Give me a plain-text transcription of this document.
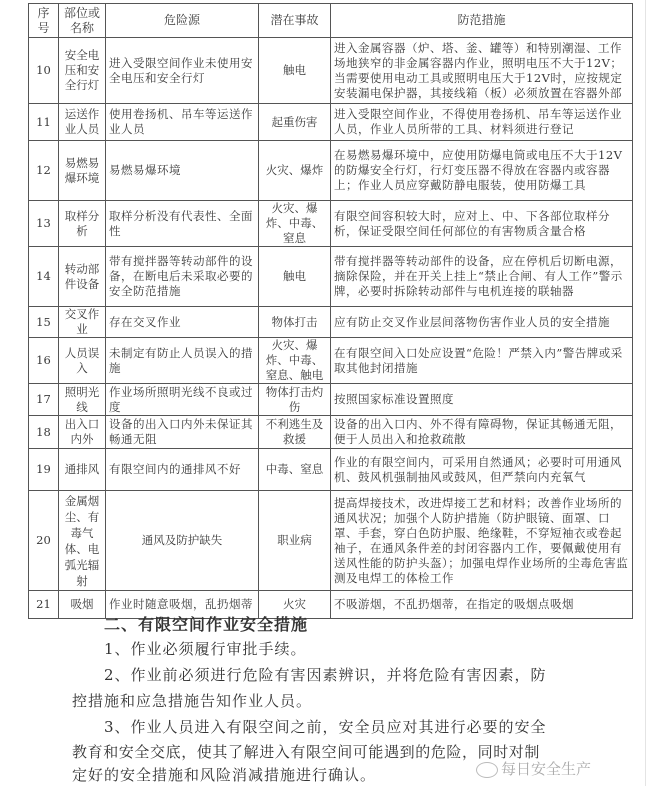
序号	部位或名称	危险源	潜在事故	防范措施
10	安全电压和安全行灯	进入受限空间作业未使用安全电压和安全行灯	触电	进入金属容器（炉、塔、釜、罐等）和特别潮湿、工作场地狭窄的非金属容器内作业，照明电压不大于12V；当需要使用电动工具或照明电压大于12V时，应按规定安装漏电保护器，其接线箱（板）必须放置在容器外部
11	运送作业人员	使用卷扬机、吊车等运送作业人员	起重伤害	进入受限空间作业，不得使用卷扬机、吊车等运送作业人员，作业人员所带的工具、材料须进行登记
12	易燃易爆环境	易燃易爆环境	火灾、爆炸	在易燃易爆环境中，应使用防爆电筒或电压不大于12V的防爆安全行灯，行灯变压器不得放在容器内或容器上；作业人员应穿戴防静电服装，使用防爆工具
13	取样分析	取样分析没有代表性、全面性	火灾、爆炸、中毒、窒息	有限空间容积较大时，应对上、中、下各部位取样分析，保证受限空间任何部位的有害物质含量合格
14	转动部件设备	带有搅拌器等转动部件的设备，在断电后未采取必要的安全防范措施	触电	带有搅拌器等转动部件的设备，应在停机后切断电源，摘除保险，并在开关上挂上“禁止合闸、有人工作”警示牌，必要时拆除转动部件与电机连接的联轴器
15	交叉作业	存在交叉作业	物体打击	应有防止交叉作业层间落物伤害作业人员的安全措施
16	人员误入	未制定有防止人员误入的措施	火灾、爆炸、中毒、窒息、触电	在有限空间入口处应设置“危险！严禁入内”警告牌或采取其他封闭措施
17	照明光线	作业场所照明光线不良或过度	物体打击灼伤	按照国家标准设置照度
18	出入口内外	设备的出入口内外未保证其畅通无阻	不利逃生及救援	设备的出入口内、外不得有障碍物，保证其畅通无阻，便于人员出入和抢救疏散
19	通排风	有限空间内的通排风不好	中毒、窒息	作业的有限空间内，可采用自然通风；必要时可用通风机、鼓风机强制抽风或鼓风，但严禁向内充氧气
20	金属烟尘、有毒气体、电弧光辐射	通风及防护缺失	职业病	提高焊接技术，改进焊接工艺和材料；改善作业场所的通风状况；加强个人防护措施（防护眼镜、面罩、口罩、手套，穿白色防护服、绝缘鞋，不穿短袖衣或卷起袖子，在通风条件差的封闭容器内工作，要佩戴使用有送风性能的防护头盔）；加强电焊作业场所的尘毒危害监测及电焊工的体检工作
21	吸烟	作业时随意吸烟，乱扔烟蒂	火灾	不吸游烟，不乱扔烟蒂，在指定的吸烟点吸烟
二、有限空间作业安全措施
1、作业必须履行审批手续。
2、作业前必须进行危险有害因素辨识，并将危险有害因素，防
控措施和应急措施告知作业人员。
3、作业人员进入有限空间之前，安全员应对其进行必要的安全
教育和安全交底，使其了解进入有限空间可能遇到的危险，同时对制
定好的安全措施和风险消减措施进行确认。	每日安全生产
